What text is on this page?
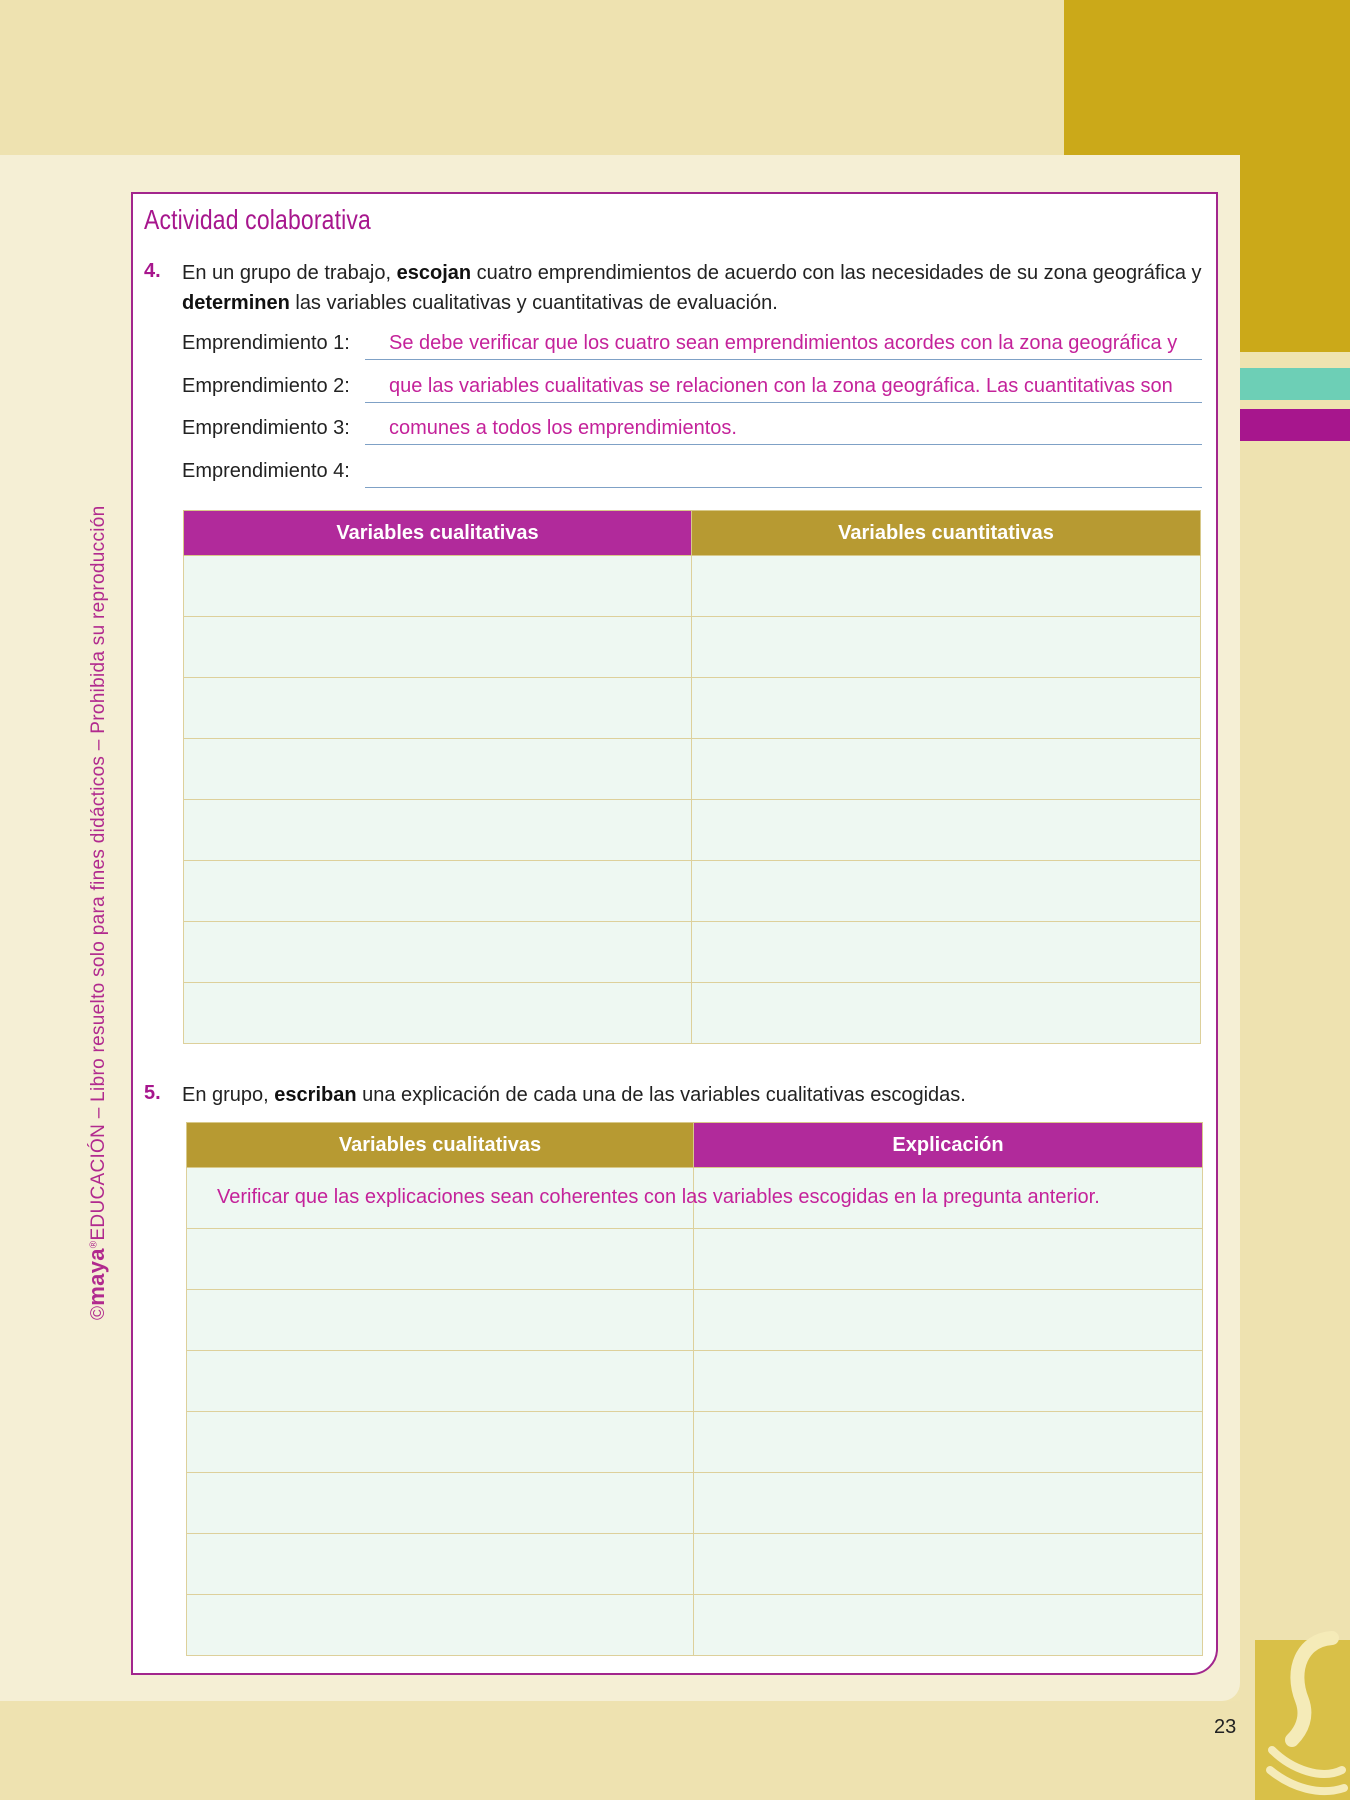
©maya®EDUCACIÓN – Libro resuelto solo para fines didácticos – Prohibida su reproducción
Actividad colaborativa
4. En un grupo de trabajo, escojan cuatro emprendimientos de acuerdo con las necesidades de su zona geográfica y determinen las variables cualitativas y cuantitativas de evaluación.
Emprendimiento 1: Se debe verificar que los cuatro sean emprendimientos acordes con la zona geográfica y
Emprendimiento 2: que las variables cualitativas se relacionen con la zona geográfica. Las cuantitativas son
Emprendimiento 3: comunes a todos los emprendimientos.
Emprendimiento 4:
Variables cualitativas	Variables cuantitativas

5. En grupo, escriban una explicación de cada una de las variables cualitativas escogidas.
Variables cualitativas	Explicación

Verificar que las explicaciones sean coherentes con las variables escogidas en la pregunta anterior.
23
